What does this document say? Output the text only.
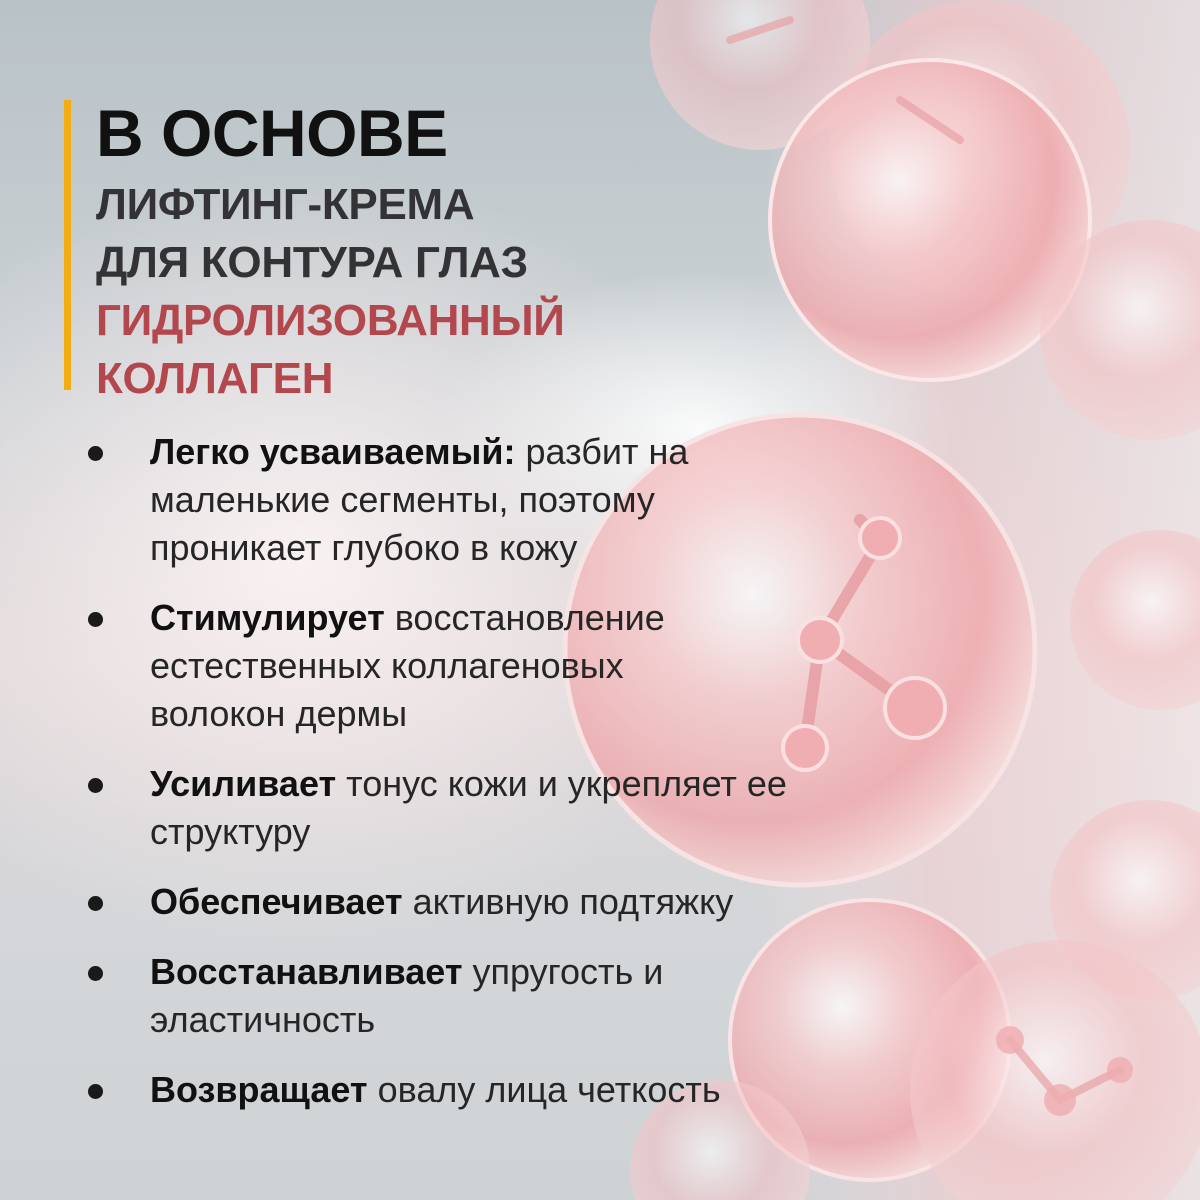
В ОСНОВЕ
ЛИФТИНГ-КРЕМА
ДЛЯ КОНТУРА ГЛАЗ
ГИДРОЛИЗОВАННЫЙ
КОЛЛАГЕН

Легко усваиваемый: разбит на маленькие сегменты, поэтому проникает глубоко в кожу

Стимулирует восстановление естественных коллагеновых волокон дермы

Усиливает тонус кожи и укрепляет ее структуру

Обеспечивает активную подтяжку

Восстанавливает упругость и эластичность

Возвращает овалу лица четкость
